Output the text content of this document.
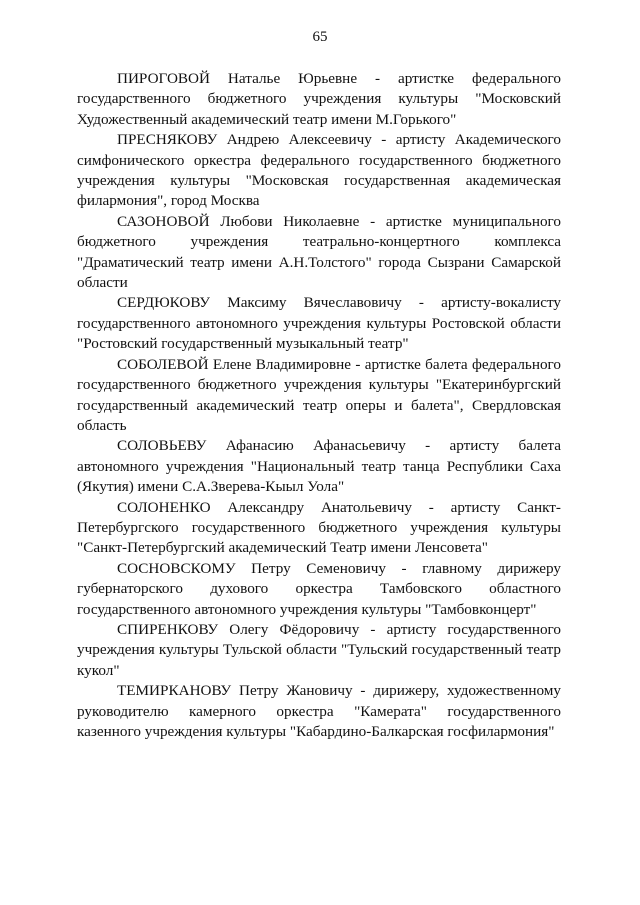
65

ПИРОГОВОЙ Наталье Юрьевне - артистке федерального государственного бюджетного учреждения культуры "Московский Художественный академический театр имени М.Горького"

ПРЕСНЯКОВУ Андрею Алексеевичу - артисту Академического симфонического оркестра федерального государственного бюджетного учреждения культуры "Московская государственная академическая филармония", город Москва

САЗОНОВОЙ Любови Николаевне - артистке муниципального бюджетного учреждения театрально-концертного комплекса "Драматический театр имени А.Н.Толстого" города Сызрани Самарской области

СЕРДЮКОВУ Максиму Вячеславовичу - артисту-вокалисту государственного автономного учреждения культуры Ростовской области "Ростовский государственный музыкальный театр"

СОБОЛЕВОЙ Елене Владимировне - артистке балета федерального государственного бюджетного учреждения культуры "Екатеринбургский государственный академический театр оперы и балета", Свердловская область

СОЛОВЬЕВУ Афанасию Афанасьевичу - артисту балета автономного учреждения "Национальный театр танца Республики Саха (Якутия) имени С.А.Зверева-Кыыл Уола"

СОЛОНЕНКО Александру Анатольевичу - артисту Санкт-Петербургского государственного бюджетного учреждения культуры "Санкт-Петербургский академический Театр имени Ленсовета"

СОСНОВСКОМУ Петру Семеновичу - главному дирижеру губернаторского духового оркестра Тамбовского областного государственного автономного учреждения культуры "Тамбовконцерт"

СПИРЕНКОВУ Олегу Фёдоровичу - артисту государственного учреждения культуры Тульской области "Тульский государственный театр кукол"

ТЕМИРКАНОВУ Петру Жановичу - дирижеру, художественному руководителю камерного оркестра "Камерата" государственного казенного учреждения культуры "Кабардино-Балкарская госфилармония"
